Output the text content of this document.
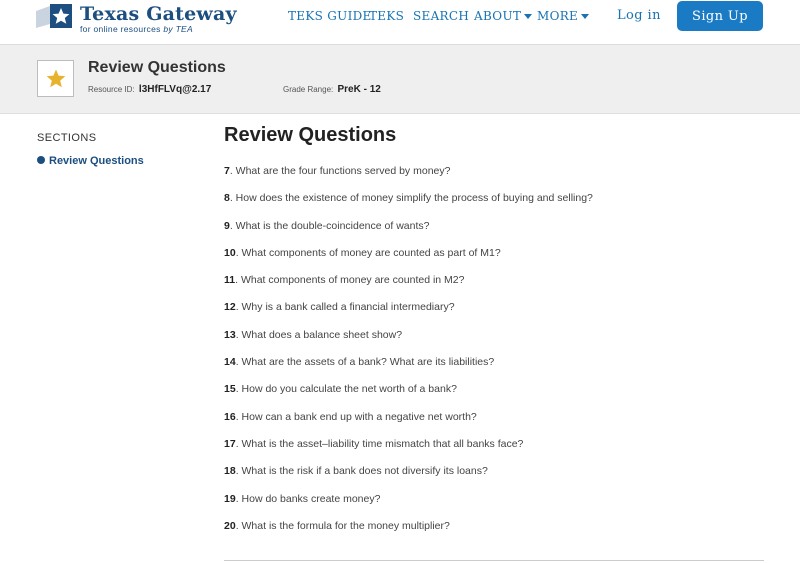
Texas Gateway
for online resources by TEA
TEKS GUIDE
TEKS SEARCH ABOUT	MORE	Log in	Sign Up
Review Questions
Resource ID: l3HfFLVq@2.17	Grade Range: PreK - 12
SECTIONS
Review Questions
Review Questions
7. What are the four functions served by money?
8. How does the existence of money simplify the process of buying and selling?
9. What is the double-coincidence of wants?
10. What components of money are counted as part of M1?
11. What components of money are counted in M2?
12. Why is a bank called a financial intermediary?
13. What does a balance sheet show?
14. What are the assets of a bank? What are its liabilities?
15. How do you calculate the net worth of a bank?
16. How can a bank end up with a negative net worth?
17. What is the asset–liability time mismatch that all banks face?
18. What is the risk if a bank does not diversify its loans?
19. How do banks create money?
20. What is the formula for the money multiplier?
